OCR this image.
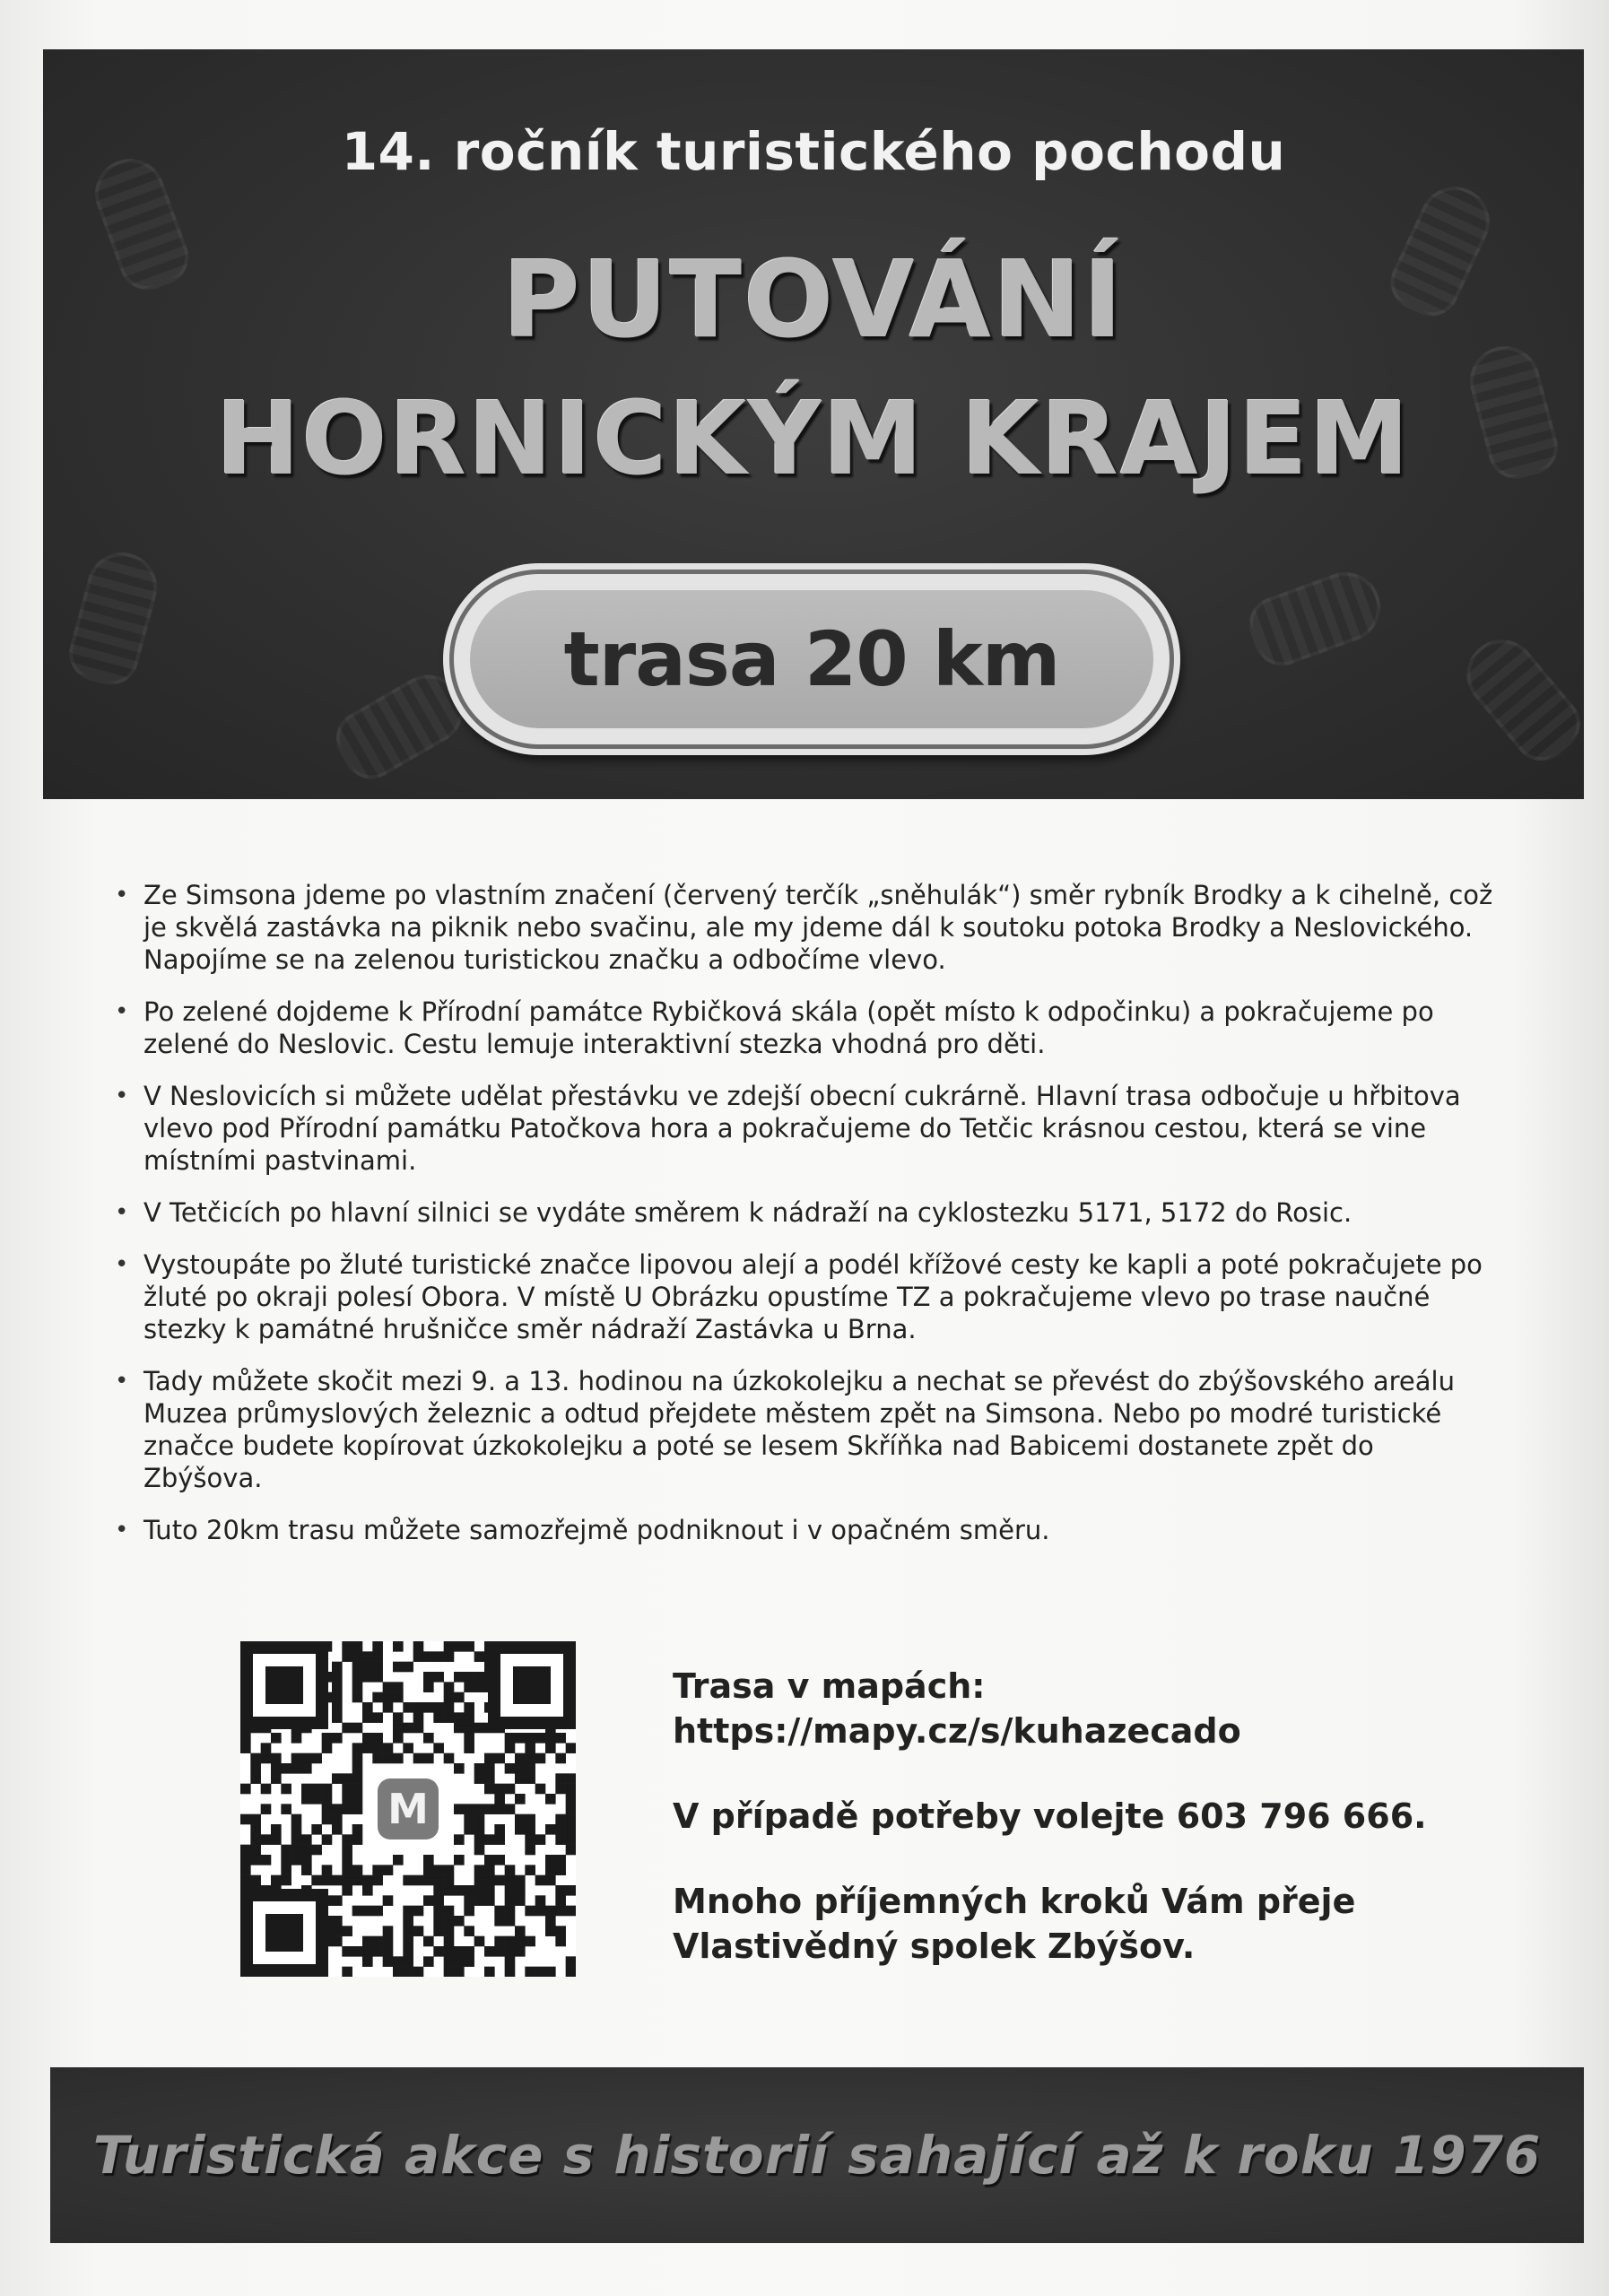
14. ročník turistického pochodu
PUTOVÁNÍ
HORNICKÝM KRAJEM
trasa 20 km
• Ze Simsona jdeme po vlastním značení (červený terčík „sněhulák“) směr rybník Brodky a k cihelně, což je skvělá zastávka na piknik nebo svačinu, ale my jdeme dál k soutoku potoka Brodky a Neslovického. Napojíme se na zelenou turistickou značku a odbočíme vlevo.
• Po zelené dojdeme k Přírodní památce Rybičková skála (opět místo k odpočinku) a pokračujeme po zelené do Neslovic. Cestu lemuje interaktivní stezka vhodná pro děti.
• V Neslovicích si můžete udělat přestávku ve zdejší obecní cukrárně. Hlavní trasa odbočuje u hřbitova vlevo pod Přírodní památku Patočkova hora a pokračujeme do Tetčic krásnou cestou, která se vine místními pastvinami.
• V Tetčicích po hlavní silnici se vydáte směrem k nádraží na cyklostezku 5171, 5172 do Rosic.
• Vystoupáte po žluté turistické značce lipovou alejí a podél křížové cesty ke kapli a poté pokračujete po žluté po okraji polesí Obora. V místě U Obrázku opustíme TZ a pokračujeme vlevo po trase naučné stezky k památné hrušničce směr nádraží Zastávka u Brna.
• Tady můžete skočit mezi 9. a 13. hodinou na úzkokolejku a nechat se převést do zbýšovského areálu Muzea průmyslových železnic a odtud přejdete městem zpět na Simsona. Nebo po modré turistické značce budete kopírovat úzkokolejku a poté se lesem Skříňka nad Babicemi dostanete zpět do Zbýšova.
• Tuto 20km trasu můžete samozřejmě podniknout i v opačném směru.
M
Trasa v mapách:
https://mapy.cz/s/kuhazecado
V případě potřeby volejte 603 796 666.
Mnoho příjemných kroků Vám přeje
Vlastivědný spolek Zbýšov.
Turistická akce s historií sahající až k roku 1976
